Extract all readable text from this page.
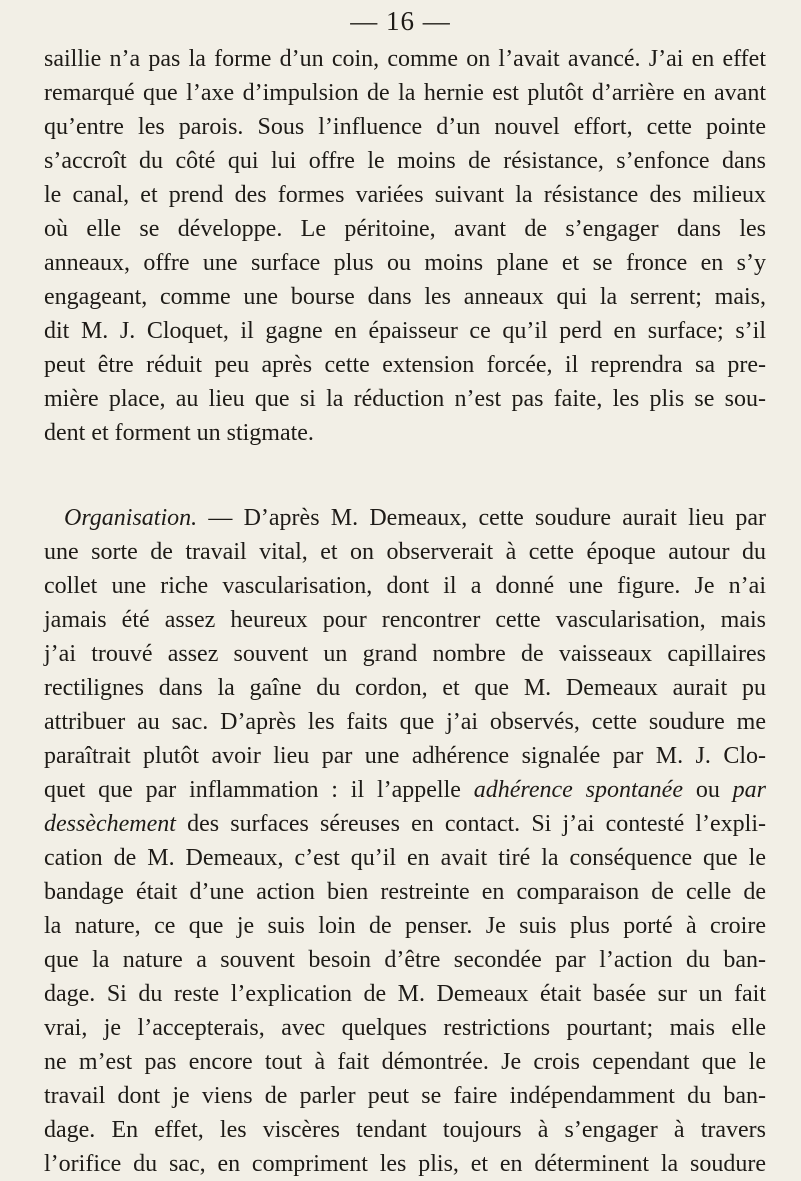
— 16 —
saillie n’a pas la forme d’un coin, comme on l’avait avancé. J’ai en effet
remarqué que l’axe d’impulsion de la hernie est plutôt d’arrière en avant
qu’entre les parois. Sous l’influence d’un nouvel effort, cette pointe
s’accroît du côté qui lui offre le moins de résistance, s’enfonce dans
le canal, et prend des formes variées suivant la résistance des milieux
où elle se développe. Le péritoine, avant de s’engager dans les
anneaux, offre une surface plus ou moins plane et se fronce en s’y
engageant, comme une bourse dans les anneaux qui la serrent; mais,
dit M. J. Cloquet, il gagne en épaisseur ce qu’il perd en surface; s’il
peut être réduit peu après cette extension forcée, il reprendra sa pre-
mière place, au lieu que si la réduction n’est pas faite, les plis se sou-
dent et forment un stigmate.
Organisation. — D’après M. Demeaux, cette soudure aurait lieu par
une sorte de travail vital, et on observerait à cette époque autour du
collet une riche vascularisation, dont il a donné une figure. Je n’ai
jamais été assez heureux pour rencontrer cette vascularisation, mais
j’ai trouvé assez souvent un grand nombre de vaisseaux capillaires
rectilignes dans la gaîne du cordon, et que M. Demeaux aurait pu
attribuer au sac. D’après les faits que j’ai observés, cette soudure me
paraîtrait plutôt avoir lieu par une adhérence signalée par M. J. Clo-
quet que par inflammation : il l’appelle adhérence spontanée ou par
dessèchement des surfaces séreuses en contact. Si j’ai contesté l’expli-
cation de M. Demeaux, c’est qu’il en avait tiré la conséquence que le
bandage était d’une action bien restreinte en comparaison de celle de
la nature, ce que je suis loin de penser. Je suis plus porté à croire
que la nature a souvent besoin d’être secondée par l’action du ban-
dage. Si du reste l’explication de M. Demeaux était basée sur un fait
vrai, je l’accepterais, avec quelques restrictions pourtant; mais elle
ne m’est pas encore tout à fait démontrée. Je crois cependant que le
travail dont je viens de parler peut se faire indépendamment du ban-
dage. En effet, les viscères tendant toujours à s’engager à travers
l’orifice du sac, en compriment les plis, et en déterminent la soudure
